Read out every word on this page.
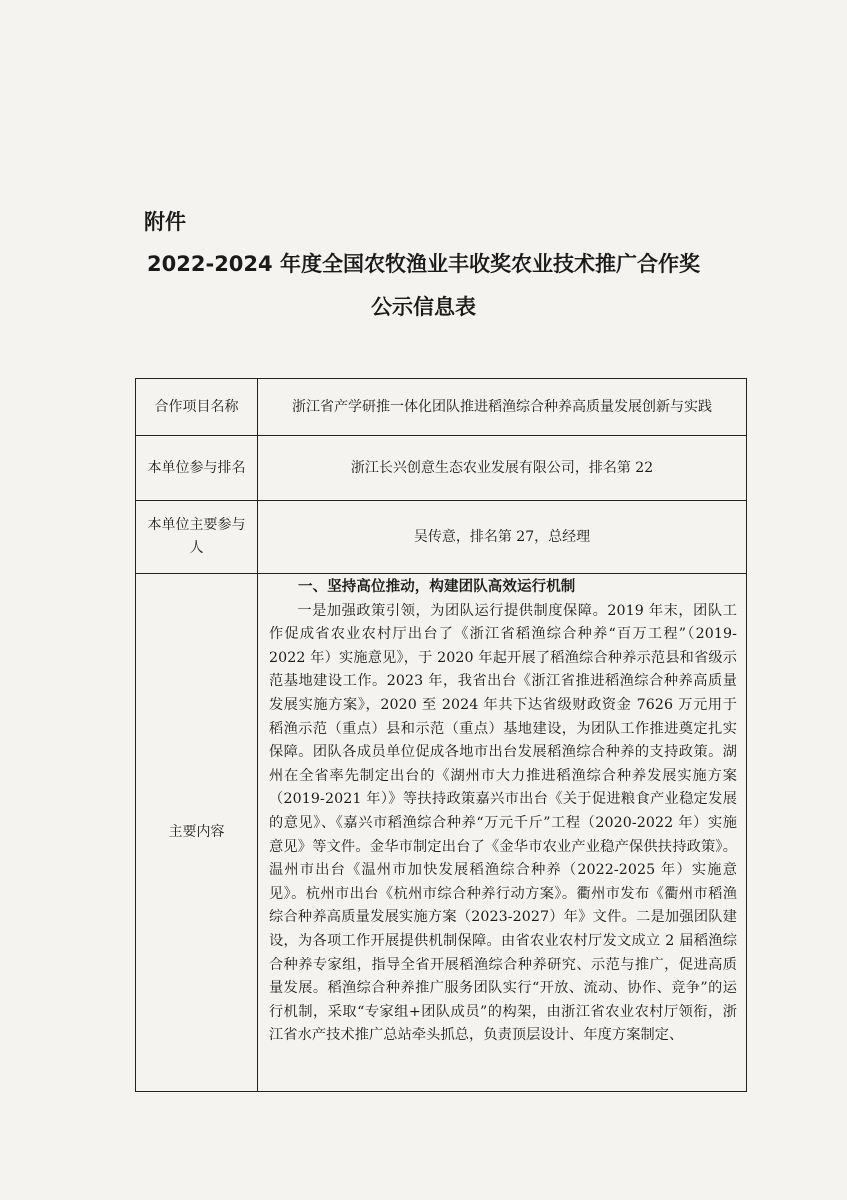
附件
2022-2024 年度全国农牧渔业丰收奖农业技术推广合作奖
公示信息表
合作项目名称	浙江省产学研推一体化团队推进稻渔综合种养高质量发展创新与实践
本单位参与排名	浙江长兴创意生态农业发展有限公司，排名第 22
本单位主要参与人	吴传意，排名第 27，总经理
主要内容	一、坚持高位推动，构建团队高效运行机制

一是加强政策引领，为团队运行提供制度保障。2019 年末，团队工作促成省农业农村厅出台了《浙江省稻渔综合种养“百万工程”（2019-2022 年）实施意见》，于 2020 年起开展了稻渔综合种养示范县和省级示范基地建设工作。2023 年，我省出台《浙江省推进稻渔综合种养高质量发展实施方案》，2020 至 2024 年共下达省级财政资金 7626 万元用于稻渔示范（重点）县和示范（重点）基地建设，为团队工作推进奠定扎实保障。团队各成员单位促成各地市出台发展稻渔综合种养的支持政策。湖州在全省率先制定出台的《湖州市大力推进稻渔综合种养发展实施方案（2019-2021 年）》等扶持政策嘉兴市出台《关于促进粮食产业稳定发展的意见》、《嘉兴市稻渔综合种养“万元千斤”工程（2020-2022 年）实施意见》等文件。金华市制定出台了《金华市农业产业稳产保供扶持政策》。温州市出台《温州市加快发展稻渔综合种养（2022-2025 年）实施意见》。杭州市出台《杭州市综合种养行动方案》。衢州市发布《衢州市稻渔综合种养高质量发展实施方案（2023-2027）年》文件。二是加强团队建设，为各项工作开展提供机制保障。由省农业农村厅发文成立 2 届稻渔综合种养专家组，指导全省开展稻渔综合种养研究、示范与推广，促进高质量发展。稻渔综合种养推广服务团队实行“开放、流动、协作、竞争”的运行机制，采取“专家组+团队成员”的构架，由浙江省农业农村厅领衔，浙江省水产技术推广总站牵头抓总，负责顶层设计、年度方案制定、
